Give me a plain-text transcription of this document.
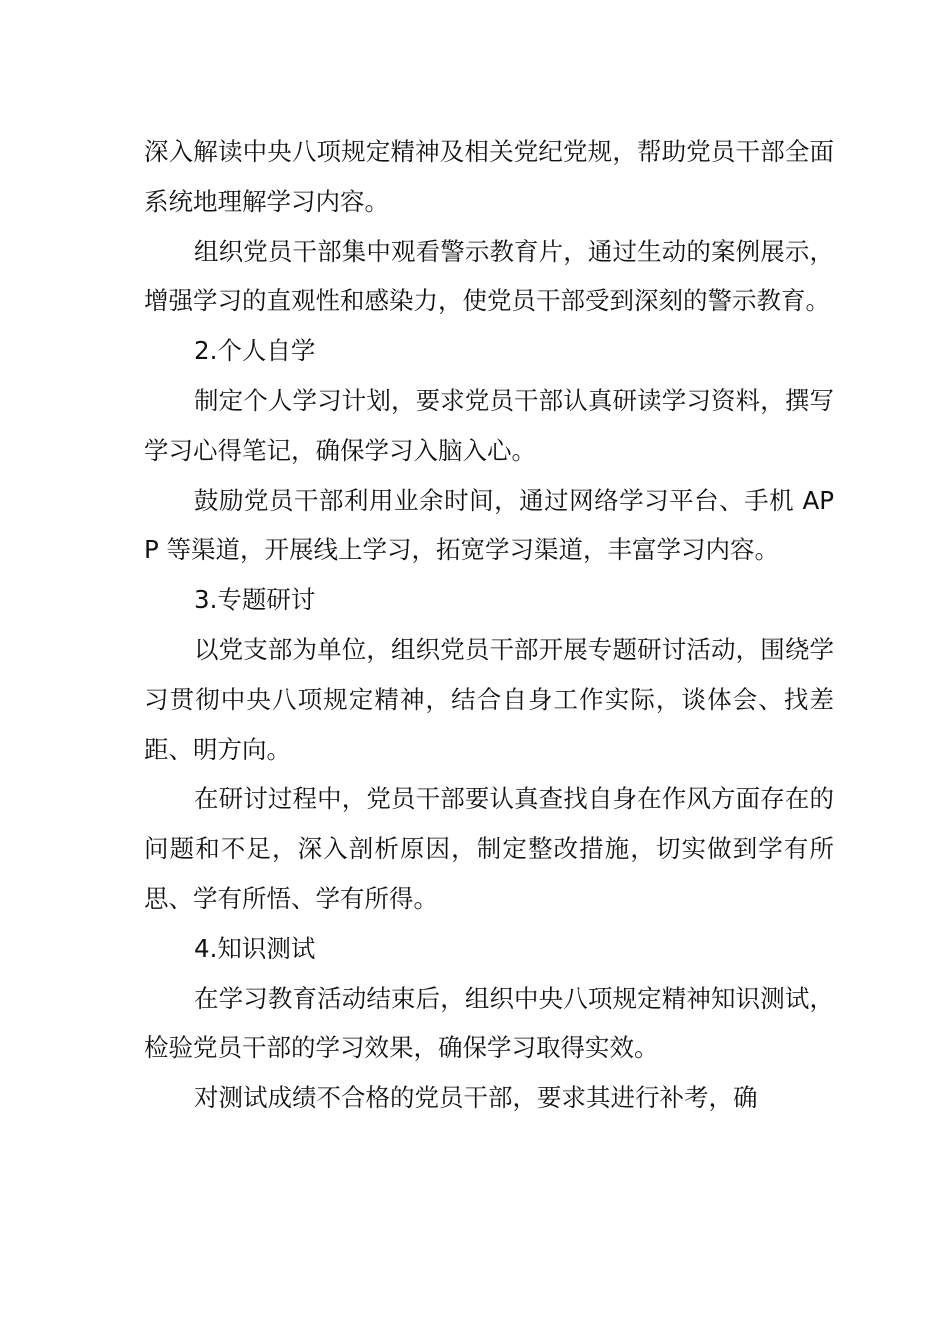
深入解读中央八项规定精神及相关党纪党规，帮助党员干部全面系统地理解学习内容。

组织党员干部集中观看警示教育片，通过生动的案例展示，增强学习的直观性和感染力，使党员干部受到深刻的警示教育。

2.个人自学

制定个人学习计划，要求党员干部认真研读学习资料，撰写学习心得笔记，确保学习入脑入心。

鼓励党员干部利用业余时间，通过网络学习平台、手机 APP 等渠道，开展线上学习，拓宽学习渠道，丰富学习内容。

3.专题研讨

以党支部为单位，组织党员干部开展专题研讨活动，围绕学习贯彻中央八项规定精神，结合自身工作实际，谈体会、找差距、明方向。

在研讨过程中，党员干部要认真查找自身在作风方面存在的问题和不足，深入剖析原因，制定整改措施，切实做到学有所思、学有所悟、学有所得。

4.知识测试

在学习教育活动结束后，组织中央八项规定精神知识测试，检验党员干部的学习效果，确保学习取得实效。

对测试成绩不合格的党员干部，要求其进行补考，确
